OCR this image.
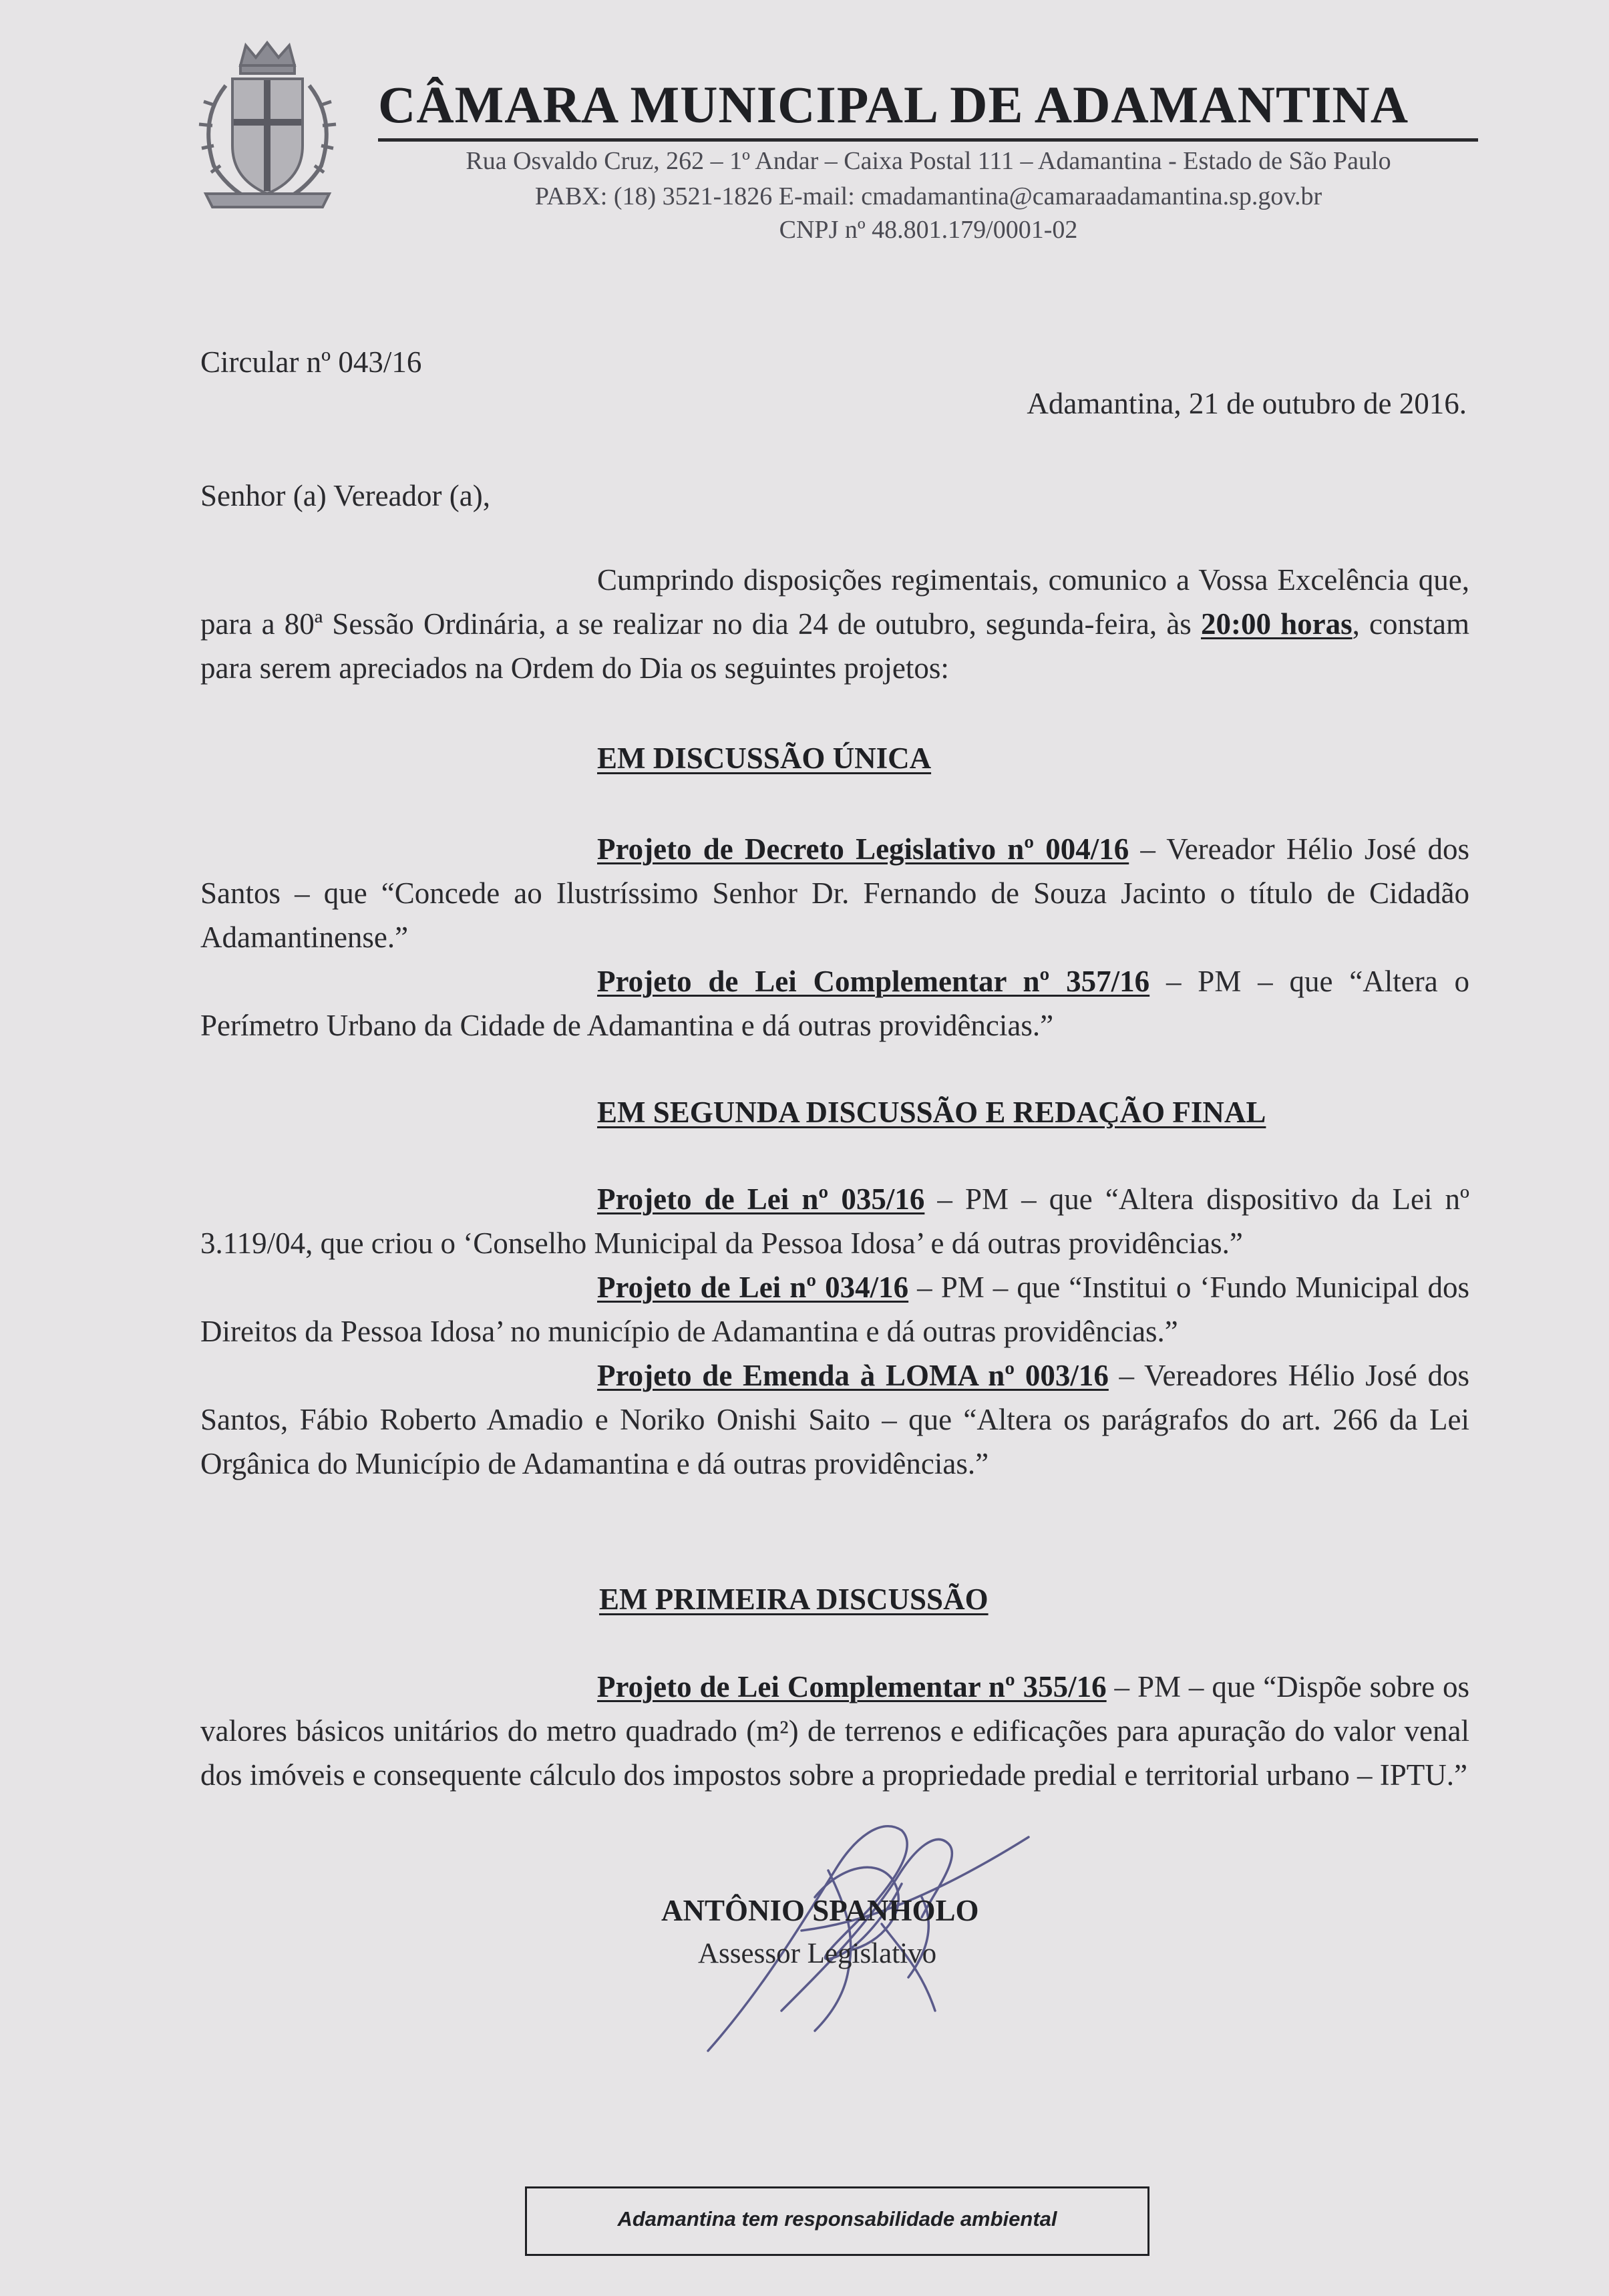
CÂMARA MUNICIPAL DE ADAMANTINA
Rua Osvaldo Cruz, 262 – 1º Andar – Caixa Postal 111 – Adamantina - Estado de São Paulo
PABX: (18) 3521-1826 E-mail: cmadamantina@camaraadamantina.sp.gov.br
CNPJ nº 48.801.179/0001-02
Circular nº 043/16
Adamantina, 21 de outubro de 2016.
Senhor (a) Vereador (a),

Cumprindo disposições regimentais, comunico a Vossa Excelência que, para a 80ª Sessão Ordinária, a se realizar no dia 24 de outubro, segunda-feira, às 20:00 horas, constam para serem apreciados na Ordem do Dia os seguintes projetos:

EM DISCUSSÃO ÚNICA

Projeto de Decreto Legislativo nº 004/16 – Vereador Hélio José dos Santos – que “Concede ao Ilustríssimo Senhor Dr. Fernando de Souza Jacinto o título de Cidadão Adamantinense.”

Projeto de Lei Complementar nº 357/16 – PM – que “Altera o Perímetro Urbano da Cidade de Adamantina e dá outras providências.”

EM SEGUNDA DISCUSSÃO E REDAÇÃO FINAL

Projeto de Lei nº 035/16 – PM – que “Altera dispositivo da Lei nº 3.119/04, que criou o ‘Conselho Municipal da Pessoa Idosa’ e dá outras providências.”

Projeto de Lei nº 034/16 – PM – que “Institui o ‘Fundo Municipal dos Direitos da Pessoa Idosa’ no município de Adamantina e dá outras providências.”

Projeto de Emenda à LOMA nº 003/16 – Vereadores Hélio José dos Santos, Fábio Roberto Amadio e Noriko Onishi Saito – que “Altera os parágrafos do art. 266 da Lei Orgânica do Município de Adamantina e dá outras providências.”

EM PRIMEIRA DISCUSSÃO

Projeto de Lei Complementar nº 355/16 – PM – que “Dispõe sobre os valores básicos unitários do metro quadrado (m²) de terrenos e edificações para apuração do valor venal dos imóveis e consequente cálculo dos impostos sobre a propriedade predial e territorial urbano – IPTU.”

ANTÔNIO SPANHOLO
Assessor Legislativo
Adamantina tem responsabilidade ambiental
